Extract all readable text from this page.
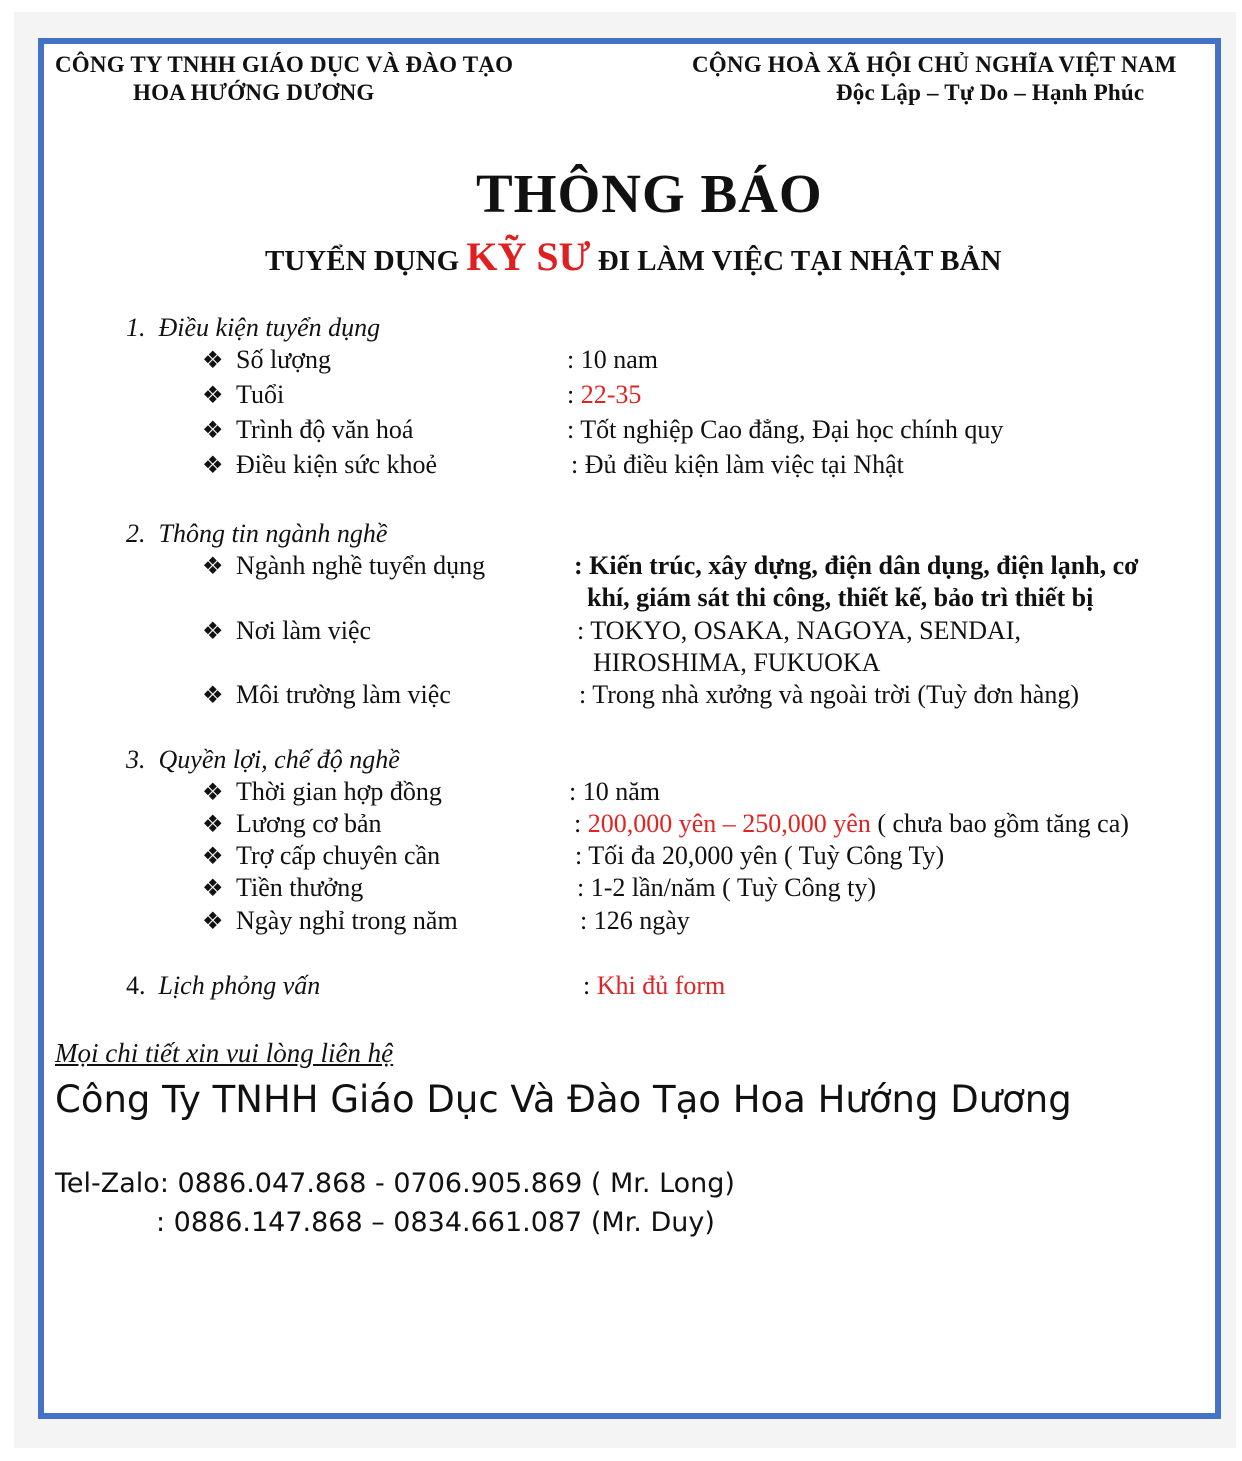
CÔNG TY TNHH GIÁO DỤC VÀ ĐÀO TẠO
HOA HƯỚNG DƯƠNG
CỘNG HOÀ XÃ HỘI CHỦ NGHĨA VIỆT NAM
Độc Lập – Tự Do – Hạnh Phúc
THÔNG BÁO
TUYỂN DỤNG KỸ SƯ ĐI LÀM VIỆC TẠI NHẬT BẢN
1. Điều kiện tuyển dụng
❖ Số lượng	: 10 nam
❖ Tuổi	: 22-35
❖ Trình độ văn hoá	: Tốt nghiệp Cao đẳng, Đại học chính quy
❖ Điều kiện sức khoẻ	: Đủ điều kiện làm việc tại Nhật
2. Thông tin ngành nghề
❖ Ngành nghề tuyển dụng	: Kiến trúc, xây dựng, điện dân dụng, điện lạnh, cơ
khí, giám sát thi công, thiết kế, bảo trì thiết bị
❖ Nơi làm việc	: TOKYO, OSAKA, NAGOYA, SENDAI,
HIROSHIMA, FUKUOKA
❖ Môi trường làm việc	: Trong nhà xưởng và ngoài trời (Tuỳ đơn hàng)
3. Quyền lợi, chế độ nghề
❖ Thời gian hợp đồng	: 10 năm
❖ Lương cơ bản	: 200,000 yên – 250,000 yên ( chưa bao gồm tăng ca)
❖ Trợ cấp chuyên cần	: Tối đa 20,000 yên ( Tuỳ Công Ty)
❖ Tiền thưởng	: 1-2 lần/năm ( Tuỳ Công ty)
❖ Ngày nghỉ trong năm	: 126 ngày
4. Lịch phỏng vấn	: Khi đủ form
Mọi chi tiết xin vui lòng liên hệ
Công Ty TNHH Giáo Dục Và Đào Tạo Hoa Hướng Dương
Tel-Zalo: 0886.047.868 - 0706.905.869 ( Mr. Long)
: 0886.147.868 – 0834.661.087 (Mr. Duy)
